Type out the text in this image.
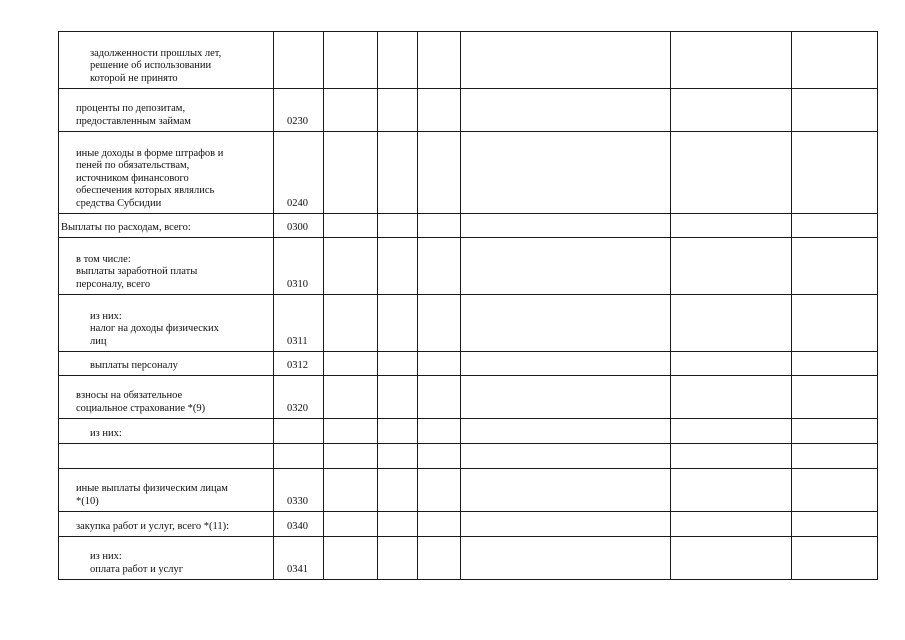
задолженности прошлых лет,
решение об использовании
которой не принято							

проценты по депозитам,
предоставленным займам	0230						

иные доходы в форме штрафов и
пеней по обязательствам,
источником финансового
обеспечения которых являлись
средства Субсидии	0240						

Выплаты по расходам, всего:	0300						

в том числе:
выплаты заработной платы
персоналу, всего	0310						

из них:
налог на доходы физических
лиц	0311						

выплаты персоналу	0312						

взносы на обязательное
социальное страхование *(9)	0320						

из них:							

иные выплаты физическим лицам
*(10)	0330						

закупка работ и услуг, всего *(11):	0340						

из них:
оплата работ и услуг	0341						
